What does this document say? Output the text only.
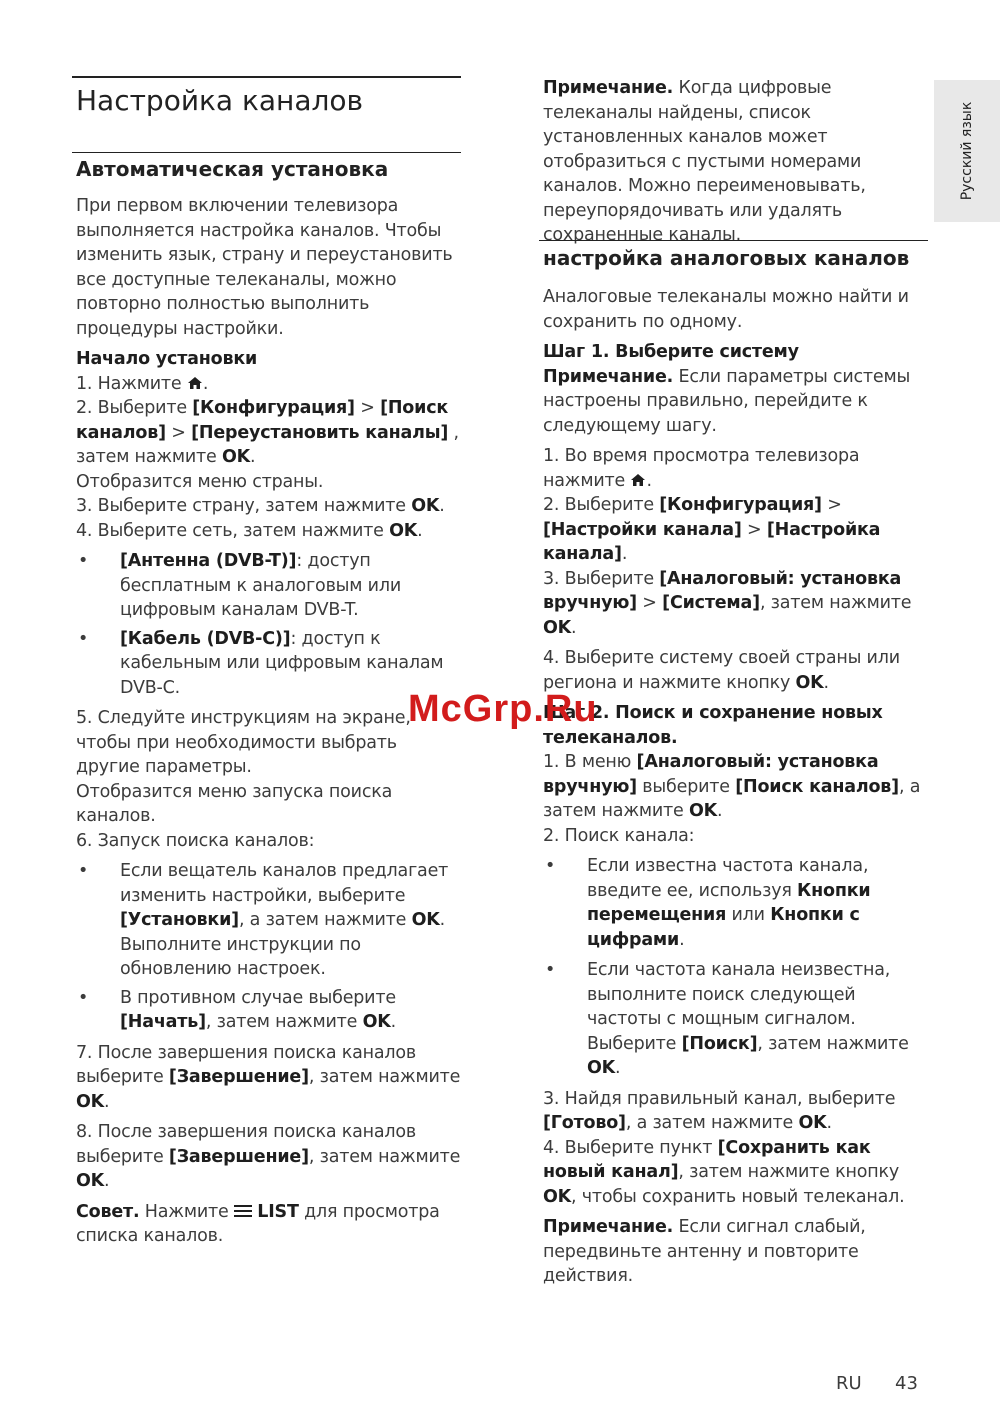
Русский язык
Настройка каналов
Автоматическая установка

При первом включении телевизора выполняется настройка каналов. Чтобы изменить язык, страну и переустановить все доступные телеканалы, можно повторно полностью выполнить процедуры настройки.

Начало установки

1. Нажмите .

2. Выберите [Конфигурация] > [Поиск каналов] > [Переустановить каналы] , затем нажмите OK.

Отобразится меню страны.

3. Выберите страну, затем нажмите OK.

4. Выберите сеть, затем нажмите OK.

• [Антенна (DVB-T)]: доступ бесплатным к аналоговым или цифровым каналам DVB-T.

• [Кабель (DVB-C)]: доступ к кабельным или цифровым каналам DVB-C.

5. Следуйте инструкциям на экране, чтобы при необходимости выбрать другие параметры.

Отобразится меню запуска поиска каналов.

6. Запуск поиска каналов:

• Если вещатель каналов предлагает изменить настройки, выберите [Установки], а затем нажмите OK.
Выполните инструкции по обновлению настроек.

• В противном случае выберите [Начать], затем нажмите OK.

7. После завершения поиска каналов выберите [Завершение], затем нажмите OK.

8. После завершения поиска каналов выберите [Завершение], затем нажмите OK.

Совет. Нажмите  LIST для просмотра списка каналов.

Примечание. Когда цифровые телеканалы найдены, список установленных каналов может отобразиться с пустыми номерами каналов. Можно переименовывать, переупорядочивать или удалять сохраненные каналы.

настройка аналоговых каналов

Аналоговые телеканалы можно найти и сохранить по одному.

Шаг 1. Выберите систему

Примечание. Если параметры системы настроены правильно, перейдите к следующему шагу.

1. Во время просмотра телевизора нажмите .

2. Выберите [Конфигурация] > [Настройки канала] > [Настройка канала].

3. Выберите [Аналоговый: установка вручную] > [Система], затем нажмите OK.

4. Выберите систему своей страны или региона и нажмите кнопку OK.

Шаг 2. Поиск и сохранение новых телеканалов.

1. В меню [Аналоговый: установка вручную] выберите [Поиск каналов], а затем нажмите OK.

2. Поиск канала:

• Если известна частота канала, введите ее, используя Кнопки перемещения или Кнопки с цифрами.

• Если частота канала неизвестна, выполните поиск следующей частоты с мощным сигналом. Выберите [Поиск], затем нажмите OK.

3. Найдя правильный канал, выберите [Готово], а затем нажмите OK.

4. Выберите пункт [Сохранить как новый канал], затем нажмите кнопку OK, чтобы сохранить новый телеканал.

Примечание. Если сигнал слабый, передвиньте антенну и повторите действия.

McGrp.Ru
RU 43
